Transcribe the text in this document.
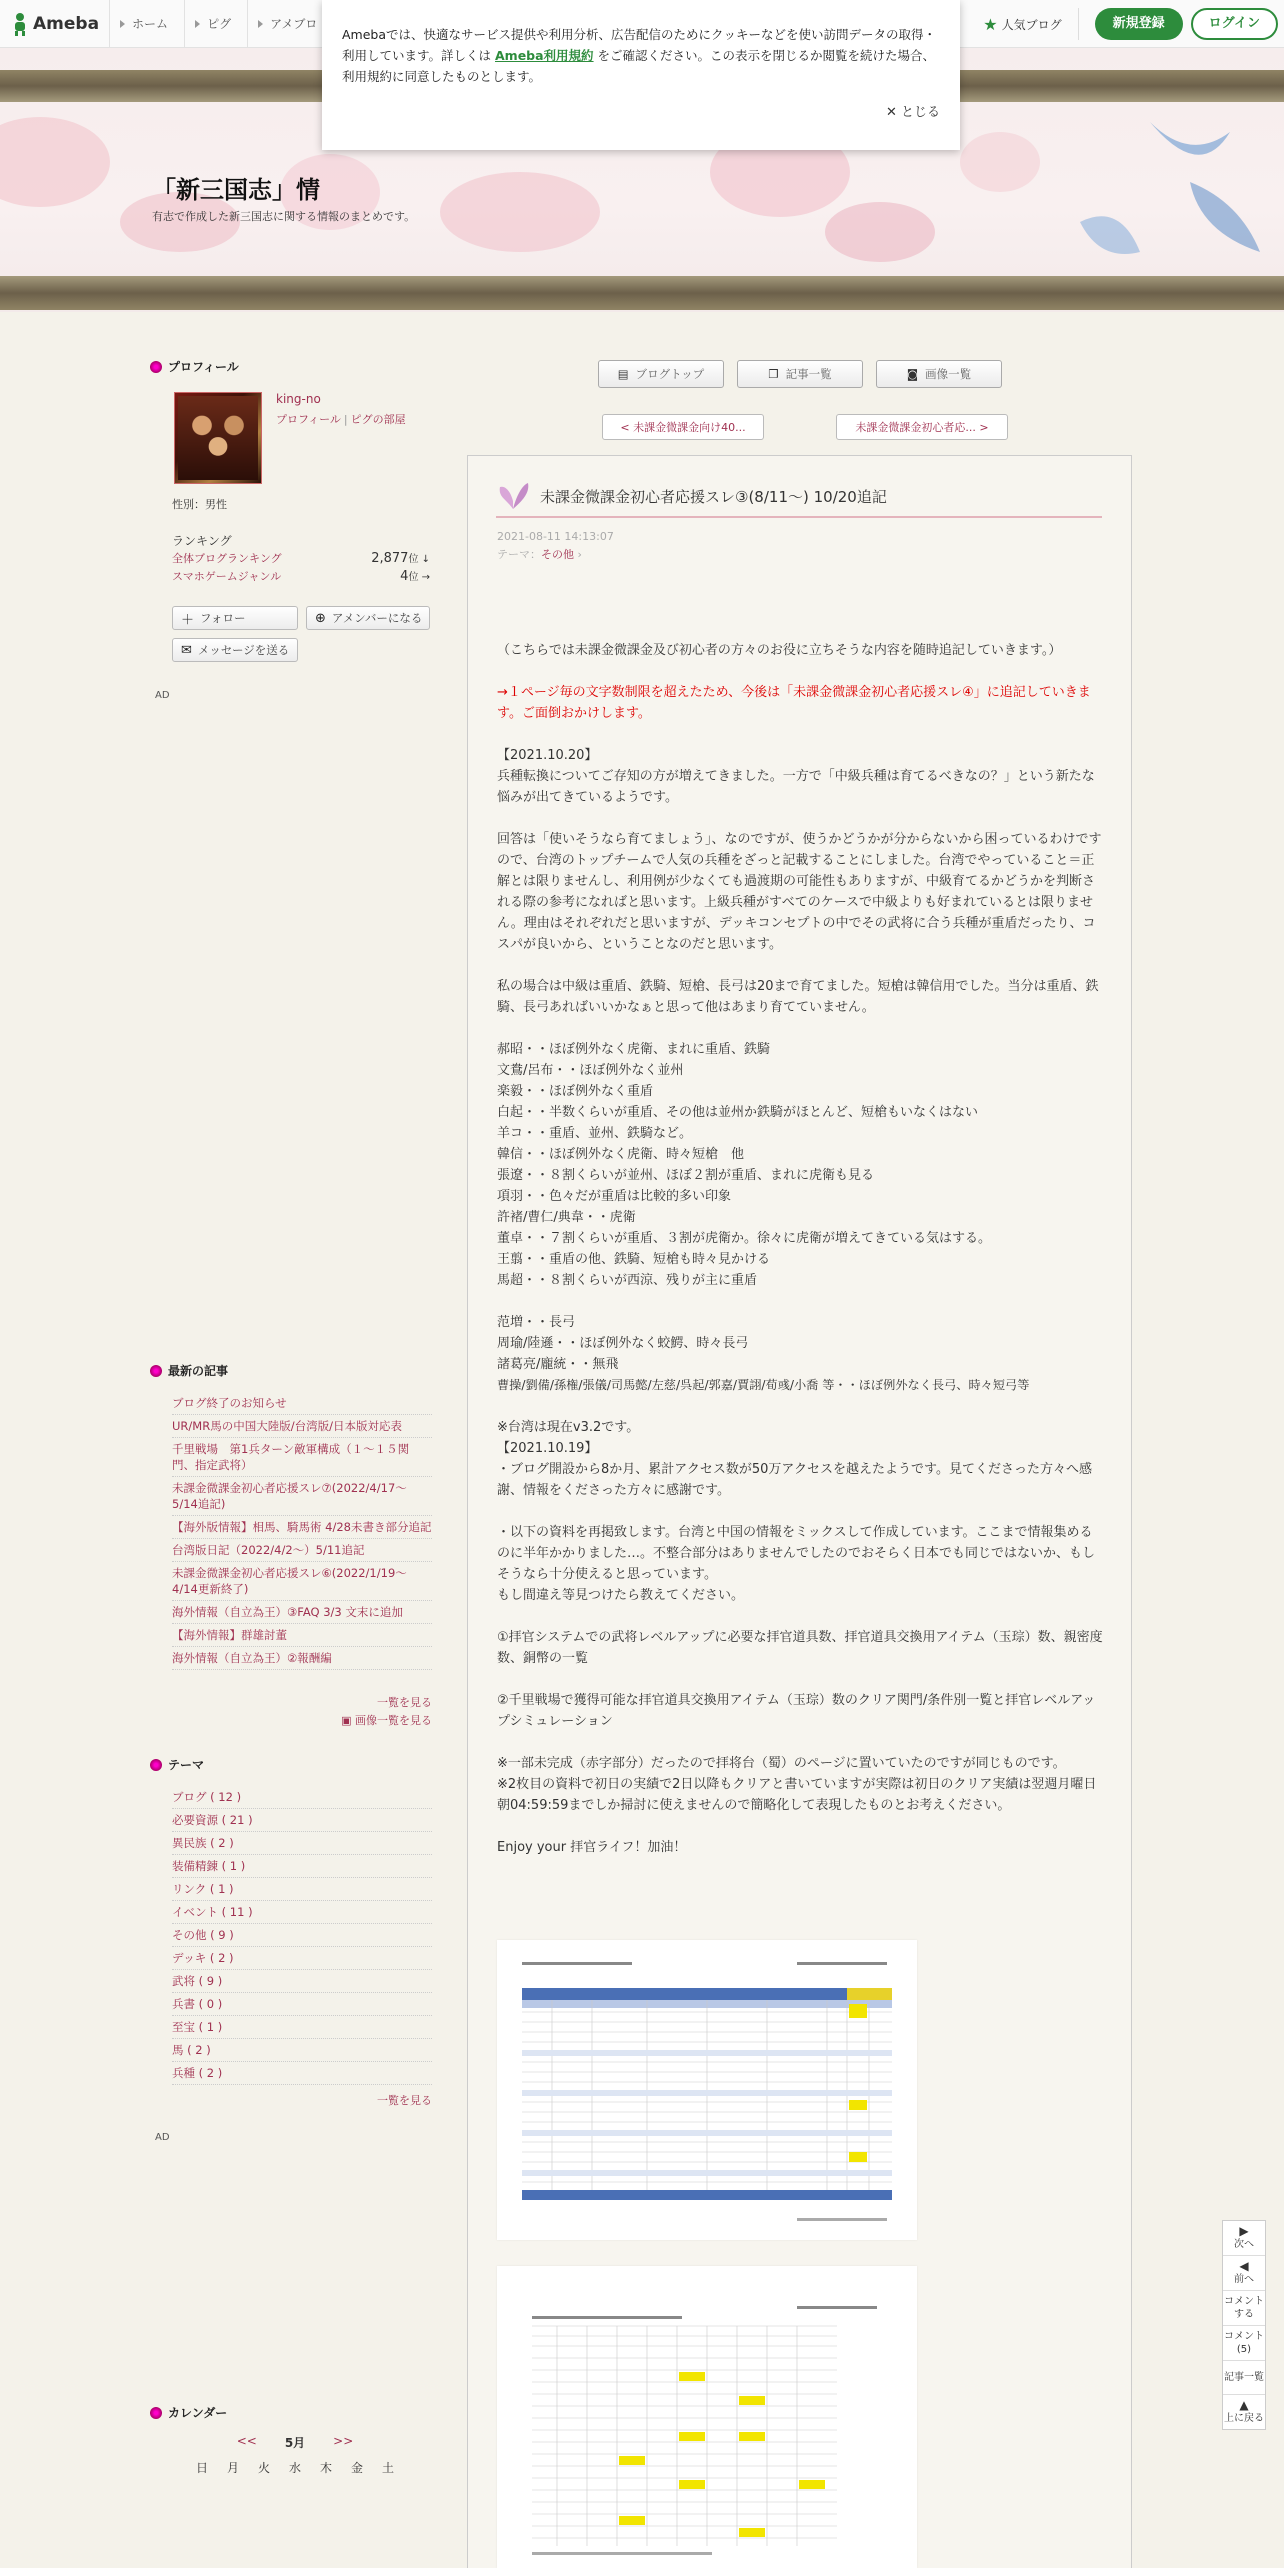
Ameba	ホーム	ピグ	アメブロ	★ 人気ブログ	新規登録	ログイン
「新三国志」情
有志で作成した新三国志に関する情報のまとめです。
Amebaでは、快適なサービス提供や利用分析、広告配信のためにクッキーなどを使い訪問データの取得・利用しています。詳しくは Ameba利用規約 をご確認ください。この表示を閉じるか閲覧を続けた場合、利用規約に同意したものとします。
✕ とじる
プロフィール
king-no
プロフィール | ピグの部屋
性別：男性
ランキング
全体ブログランキング	2,877位 ↓
スマホゲームジャンル	4位 →
＋ フォロー	⊕ アメンバーになる
✉ メッセージを送る
AD
最新の記事
ブログ終了のお知らせ
UR/MR馬の中国大陸版/台湾版/日本版対応表
千里戦場　第1兵ターン敵軍構成（１～１５関門、指定武将）
未課金微課金初心者応援スレ⑦(2022/4/17～5/14追記)
【海外版情報】相馬、騎馬術 4/28未書き部分追記
台湾版日記（2022/4/2～）5/11追記
未課金微課金初心者応援スレ⑥(2022/1/19～4/14更新終了)
海外情報（自立為王）③FAQ 3/3 文末に追加
【海外情報】群雄討董
海外情報（自立為王）②報酬編
一覧を見る
▣ 画像一覧を見る
テーマ
ブログ ( 12 )
必要資源 ( 21 )
異民族 ( 2 )
装備精錬 ( 1 )
リンク ( 1 )
イベント ( 11 )
その他 ( 9 )
デッキ ( 2 )
武将 ( 9 )
兵書 ( 0 )
至宝 ( 1 )
馬 ( 2 )
兵種 ( 2 )
一覧を見る
AD
カレンダー
<< 5月 >>
日 月 火 水 木 金 土
▤ ブログトップ	❐ 記事一覧	◙ 画像一覧
< 未課金微課金向け40...	未課金微課金初心者応... >
未課金微課金初心者応援スレ③(8/11～) 10/20追記
2021-08-11 14:13:07
テーマ：その他 ›

（こちらでは未課金微課金及び初心者の方々のお役に立ちそうな内容を随時追記していきます。）

→１ページ毎の文字数制限を超えたため、今後は「未課金微課金初心者応援スレ④」に追記していきます。ご面倒おかけします。

【2021.10.20】

兵種転換についてご存知の方が増えてきました。一方で「中級兵種は育てるべきなの？」という新たな悩みが出てきているようです。

回答は「使いそうなら育てましょう」、なのですが、使うかどうかが分からないから困っているわけですので、台湾のトップチームで人気の兵種をざっと記載することにしました。台湾でやっていること＝正解とは限りませんし、利用例が少なくても過渡期の可能性もありますが、中級育てるかどうかを判断される際の参考になればと思います。上級兵種がすべてのケースで中級よりも好まれているとは限りません。理由はそれぞれだと思いますが、デッキコンセプトの中でその武将に合う兵種が重盾だったり、コスパが良いから、ということなのだと思います。

私の場合は中級は重盾、鉄騎、短槍、長弓は20まで育てました。短槍は韓信用でした。当分は重盾、鉄騎、長弓あればいいかなぁと思って他はあまり育てていません。

郝昭・・ほぼ例外なく虎衛、まれに重盾、鉄騎

文鴦/呂布・・ほぼ例外なく並州

楽毅・・ほぼ例外なく重盾

白起・・半数くらいが重盾、その他は並州か鉄騎がほとんど、短槍もいなくはない

羊コ・・重盾、並州、鉄騎など。

韓信・・ほぼ例外なく虎衛、時々短槍　他

張遼・・８割くらいが並州、ほぼ２割が重盾、まれに虎衛も見る

項羽・・色々だが重盾は比較的多い印象

許褚/曹仁/典韋・・虎衛

董卓・・７割くらいが重盾、３割が虎衛か。徐々に虎衛が増えてきている気はする。

王翦・・重盾の他、鉄騎、短槍も時々見かける

馬超・・８割くらいが西涼、残りが主に重盾

范増・・長弓

周瑜/陸遜・・ほぼ例外なく蛟鰐、時々長弓

諸葛亮/龐統・・無飛

曹操/劉備/孫権/張儀/司馬懿/左慈/呉起/郭嘉/賈詡/荀彧/小喬 等・・ほぼ例外なく長弓、時々短弓等

※台湾は現在v3.2です。

【2021.10.19】

・ブログ開設から8か月、累計アクセス数が50万アクセスを越えたようです。見てくださった方々へ感謝、情報をくださった方々に感謝です。

・以下の資料を再掲致します。台湾と中国の情報をミックスして作成しています。ここまで情報集めるのに半年かかりました…。不整合部分はありませんでしたのでおそらく日本でも同じではないか、もしそうなら十分使えると思っています。

もし間違え等見つけたら教えてください。

①拝官システムでの武将レベルアップに必要な拝官道具数、拝官道具交換用アイテム（玉琮）数、親密度数、銅幣の一覧

②千里戦場で獲得可能な拝官道具交換用アイテム（玉琮）数のクリア関門/条件別一覧と拝官レベルアップシミュレーション

※一部未完成（赤字部分）だったので拝将台（蜀）のページに置いていたのですが同じものです。

※2枚目の資料で初日の実績で2日以降もクリアと書いていますが実際は初日のクリア実績は翌週月曜日朝04:59:59までしか掃討に使えませんので簡略化して表現したものとお考えください。

Enjoy your 拝官ライフ！加油！

▶
次へ
◀
前へ
コメントする
コメント(5)
記事一覧
▲
上に戻る
